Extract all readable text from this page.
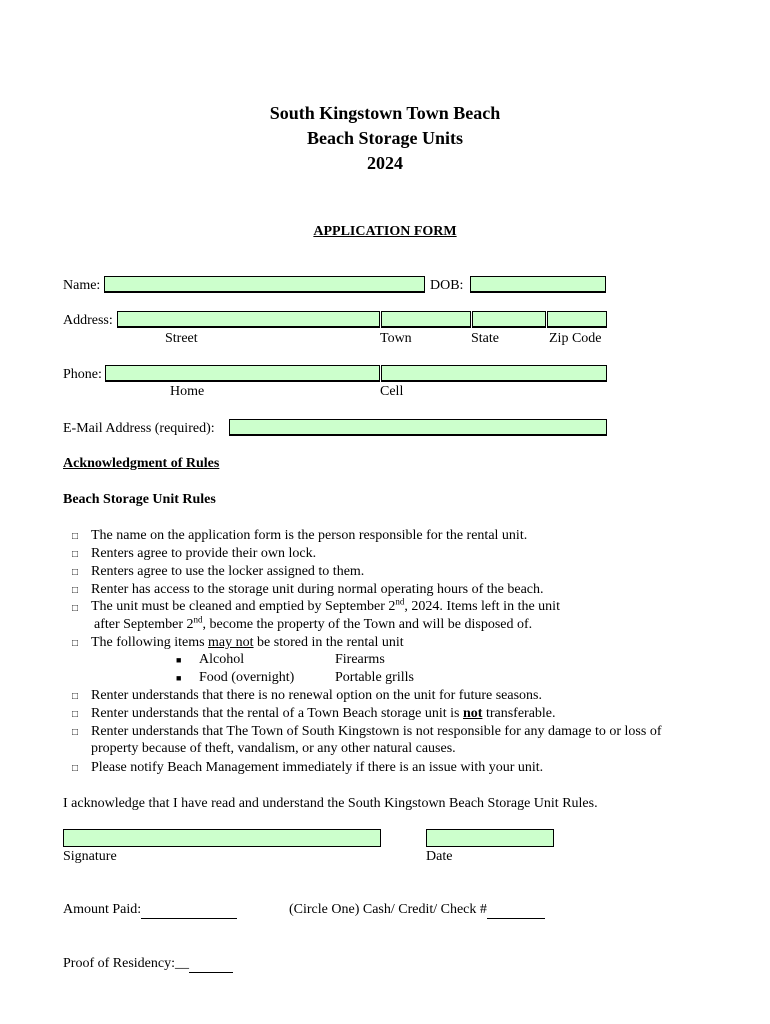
South Kingstown Town Beach
Beach Storage Units
2024
APPLICATION FORM
Name:	DOB:
Address:
Street	Town	State	Zip Code
Phone:
Home	Cell
E-Mail Address (required):
Acknowledgment of Rules
Beach Storage Unit Rules
□ The name on the application form is the person responsible for the rental unit.
□ Renters agree to provide their own lock.
□ Renters agree to use the locker assigned to them.
□ Renter has access to the storage unit during normal operating hours of the beach.
□ The unit must be cleaned and emptied by September 2nd, 2024. Items left in the unit
after September 2nd, become the property of the Town and will be disposed of.
□ The following items may not be stored in the rental unit
■ Alcohol	Firearms
■ Food (overnight)	Portable grills
□ Renter understands that there is no renewal option on the unit for future seasons.
□ Renter understands that the rental of a Town Beach storage unit is not transferable.
□ Renter understands that The Town of South Kingstown is not responsible for any damage to or loss of
property because of theft, vandalism, or any other natural causes.
□ Please notify Beach Management immediately if there is an issue with your unit.
I acknowledge that I have read and understand the South Kingstown Beach Storage Unit Rules.
Signature	Date
Amount Paid:	(Circle One) Cash/ Credit/ Check #
Proof of Residency:__
